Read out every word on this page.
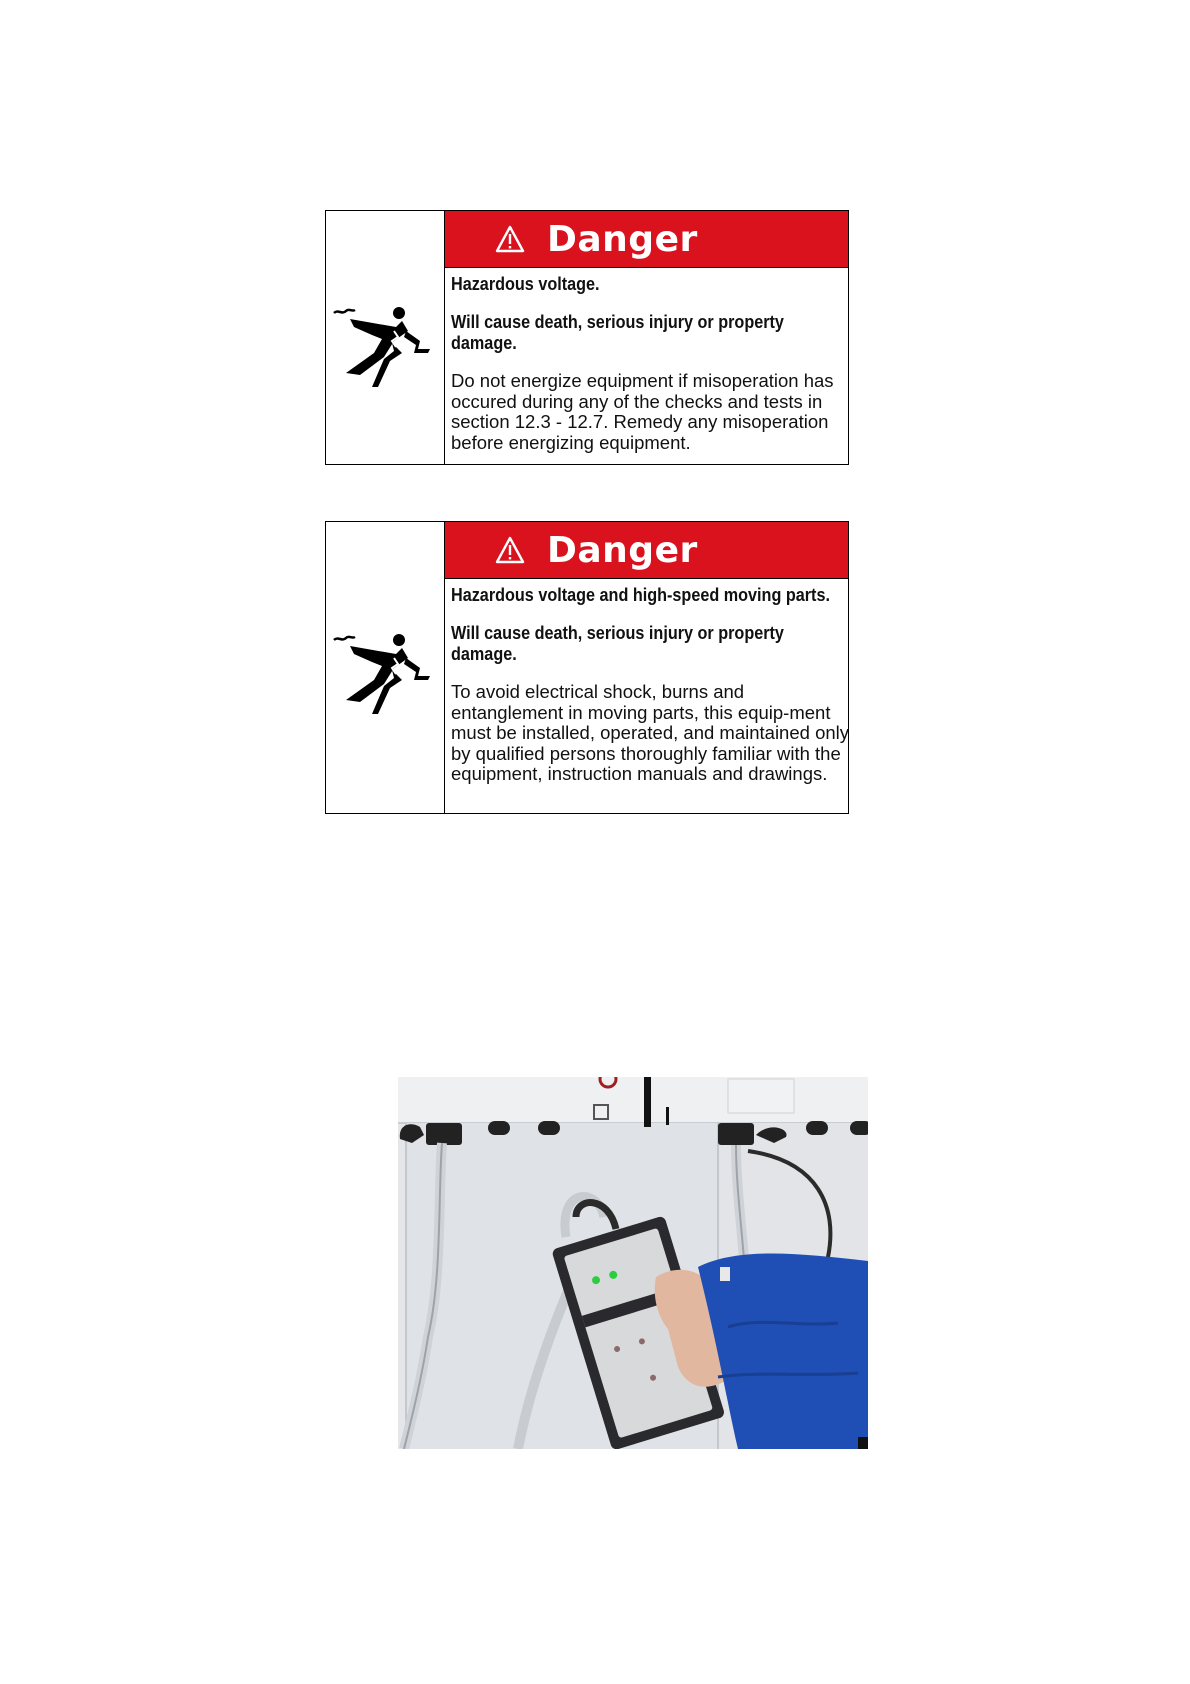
Danger

Hazardous voltage.

Will cause death, serious injury or property damage.

Do not energize equipment if misoperation has occured during any of the checks and tests in section 12.3 - 12.7. Remedy any misoperation before energizing equipment.

Danger

Hazardous voltage and high-speed moving parts.

Will cause death, serious injury or property damage.

To avoid electrical shock, burns and entanglement in moving parts, this equip-ment must be installed, operated, and maintained only by qualified persons thoroughly familiar with the equipment, instruction manuals and drawings.
